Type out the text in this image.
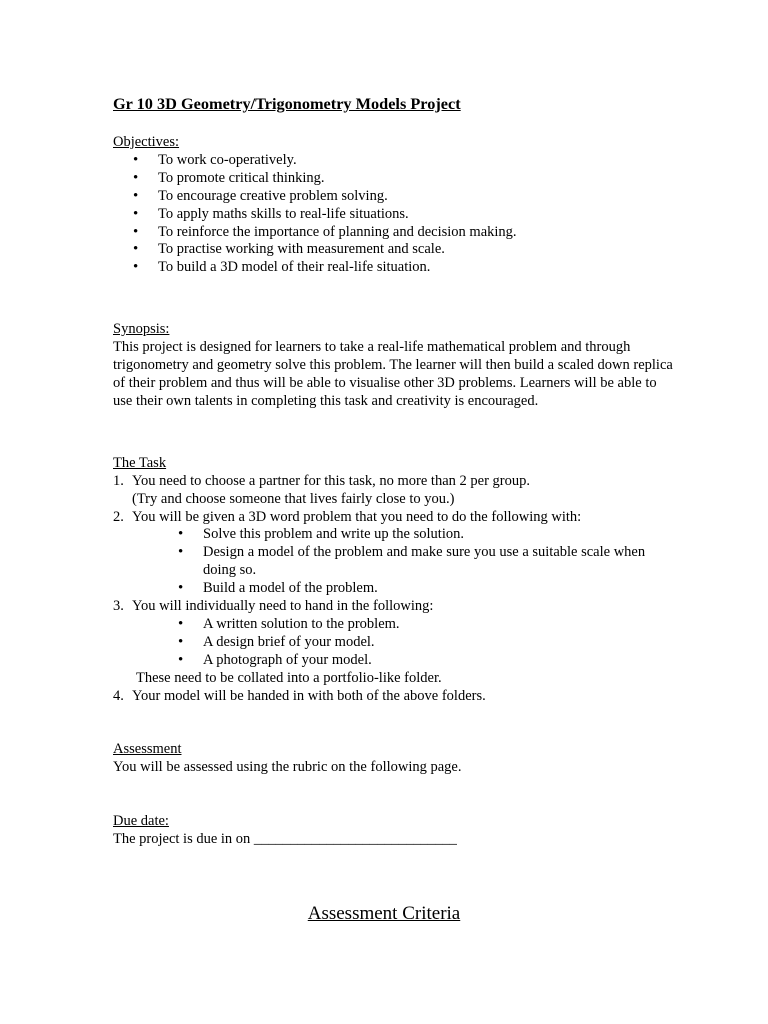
Gr 10 3D Geometry/Trigonometry Models Project

Objectives:

• To work co-operatively.
• To promote critical thinking.
• To encourage creative problem solving.
• To apply maths skills to real-life situations.
• To reinforce the importance of planning and decision making.
• To practise working with measurement and scale.
• To build a 3D model of their real-life situation.

Synopsis:

This project is designed for learners to take a real-life mathematical problem and through trigonometry and geometry solve this problem. The learner will then build a scaled down replica of their problem and thus will be able to visualise other 3D problems. Learners will be able to use their own talents in completing this task and creativity is encouraged.

The Task

1. You need to choose a partner for this task, no more than 2 per group.
(Try and choose someone that lives fairly close to you.)
2. You will be given a 3D word problem that you need to do the following with:
• Solve this problem and write up the solution.
• Design a model of the problem and make sure you use a suitable scale when doing so.
• Build a model of the problem.
3. You will individually need to hand in the following:
• A written solution to the problem.
• A design brief of your model.
• A photograph of your model.
These need to be collated into a portfolio-like folder.
4. Your model will be handed in with both of the above folders.

Assessment

You will be assessed using the rubric on the following page.

Due date:

The project is due in on ____________________________

Assessment Criteria
